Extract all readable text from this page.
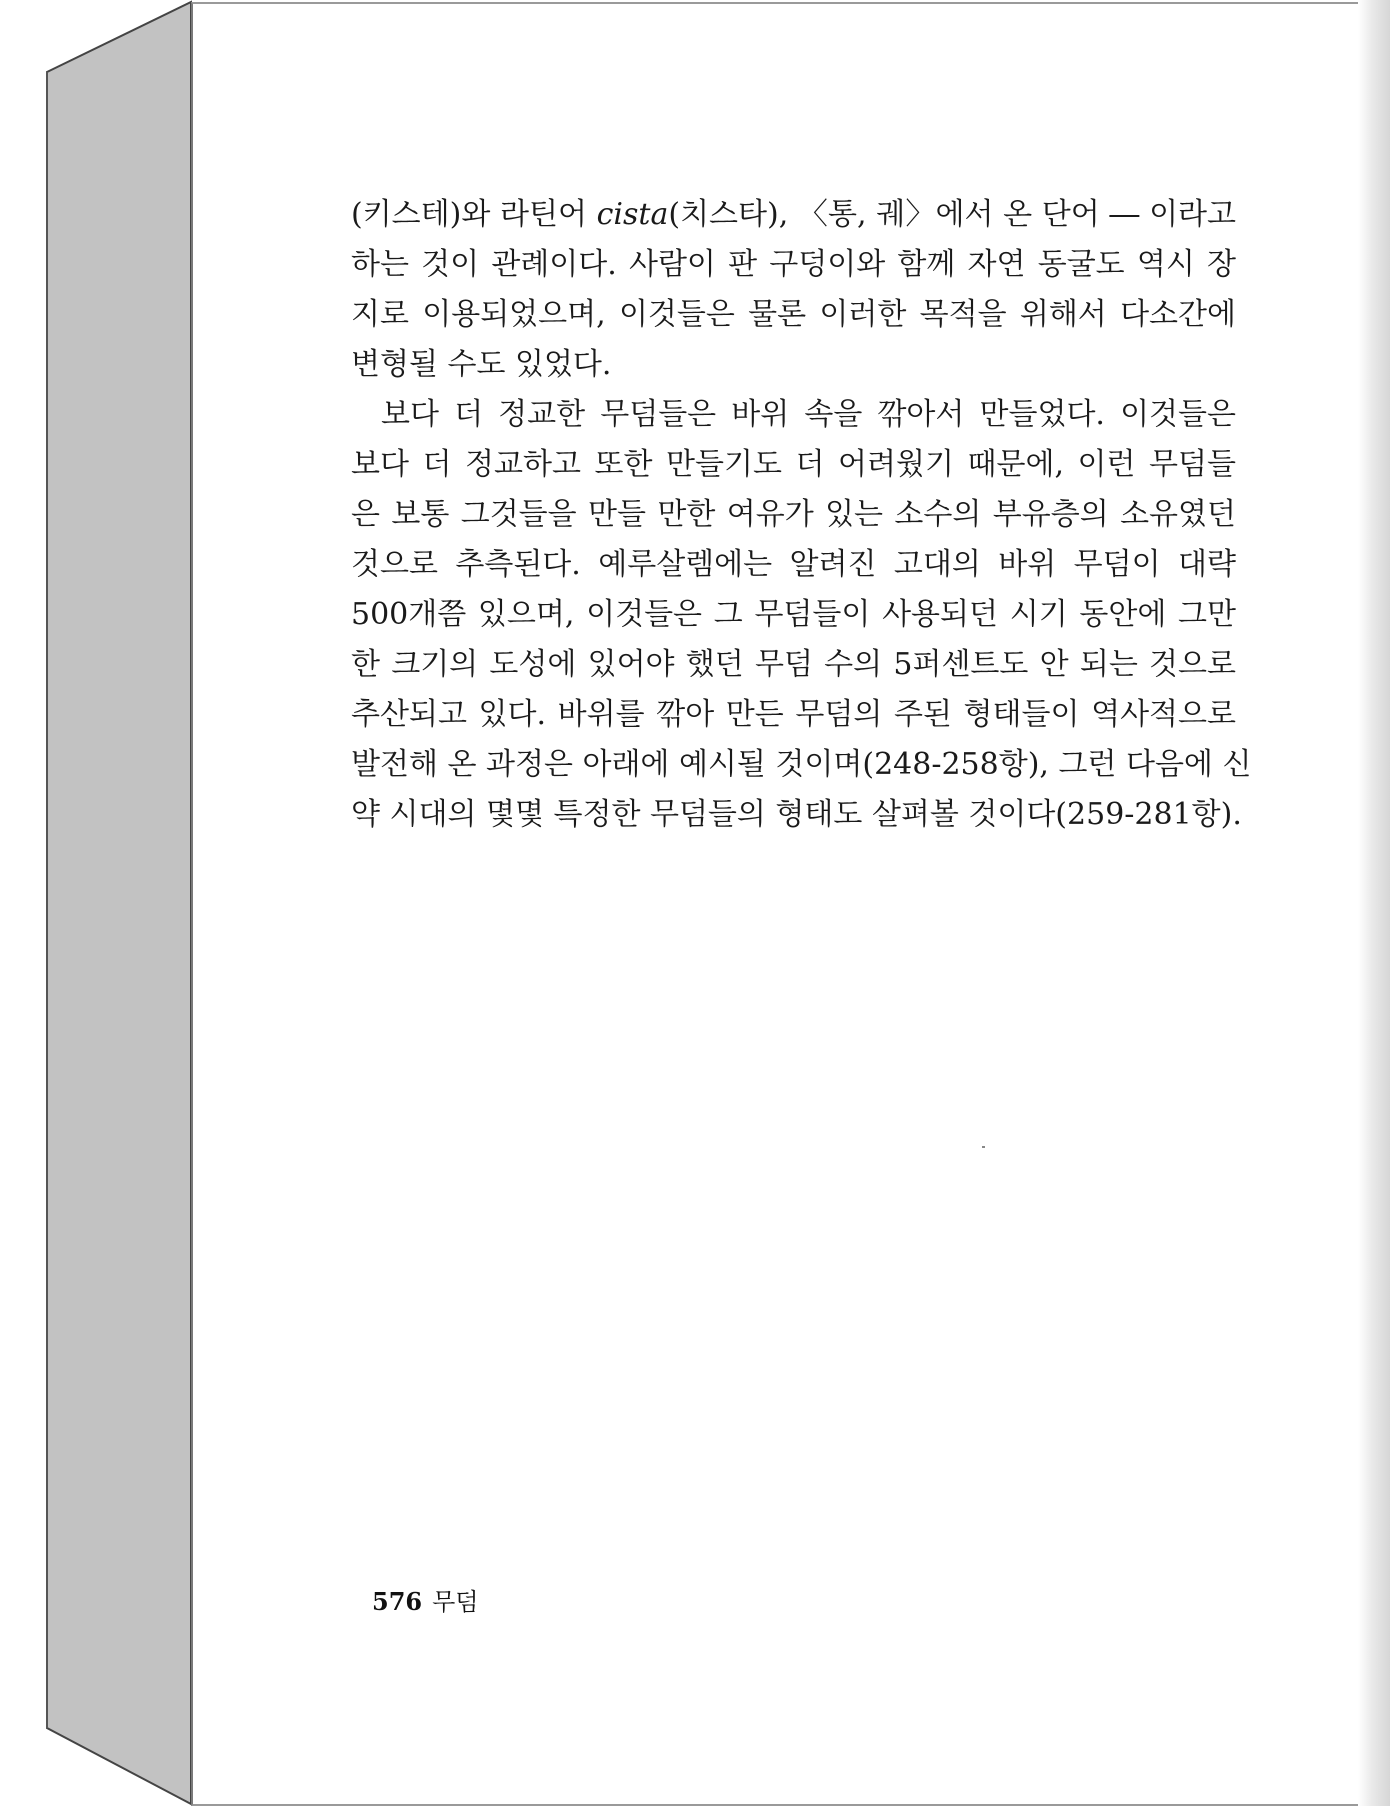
(키스테)와 라틴어 cista(치스타), 〈통, 궤〉에서 온 단어 ― 이라고
하는 것이 관례이다. 사람이 판 구덩이와 함께 자연 동굴도 역시 장
지로 이용되었으며, 이것들은 물론 이러한 목적을 위해서 다소간에
변형될 수도 있었다.
보다 더 정교한 무덤들은 바위 속을 깎아서 만들었다. 이것들은
보다 더 정교하고 또한 만들기도 더 어려웠기 때문에, 이런 무덤들
은 보통 그것들을 만들 만한 여유가 있는 소수의 부유층의 소유였던
것으로 추측된다. 예루살렘에는 알려진 고대의 바위 무덤이 대략
500개쯤 있으며, 이것들은 그 무덤들이 사용되던 시기 동안에 그만
한 크기의 도성에 있어야 했던 무덤 수의 5퍼센트도 안 되는 것으로
추산되고 있다. 바위를 깎아 만든 무덤의 주된 형태들이 역사적으로
발전해 온 과정은 아래에 예시될 것이며(248-258항), 그런 다음에 신
약 시대의 몇몇 특정한 무덤들의 형태도 살펴볼 것이다(259-281항).
576 무덤
